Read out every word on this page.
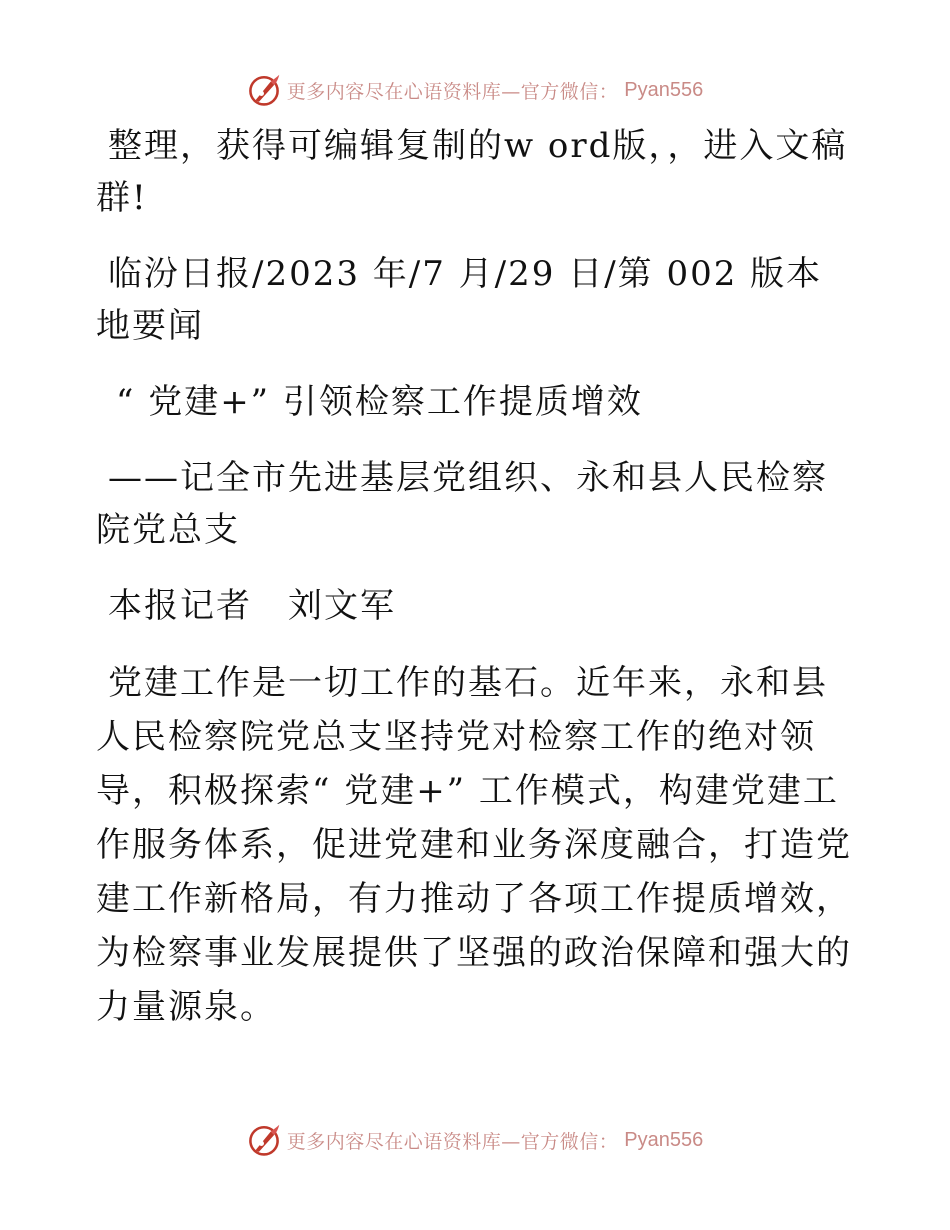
更多内容尽在心语资料库—官方微信： Pyan556

整理，获得可编辑复制的w ord版，，进入文稿群!

临汾日报/2023 年/7 月/29 日/第 002 版本地要闻

“ 党建+” 引领检察工作提质增效

——记全市先进基层党组织、永和县人民检察院党总支

本报记者　刘文军

党建工作是一切工作的基石。近年来，永和县人民检察院党总支坚持党对检察工作的绝对领导，积极探索“ 党建+” 工作模式，构建党建工作服务体系，促进党建和业务深度融合，打造党建工作新格局，有力推动了各项工作提质增效，为检察事业发展提供了坚强的政治保障和强大的力量源泉。

更多内容尽在心语资料库—官方微信： Pyan556
